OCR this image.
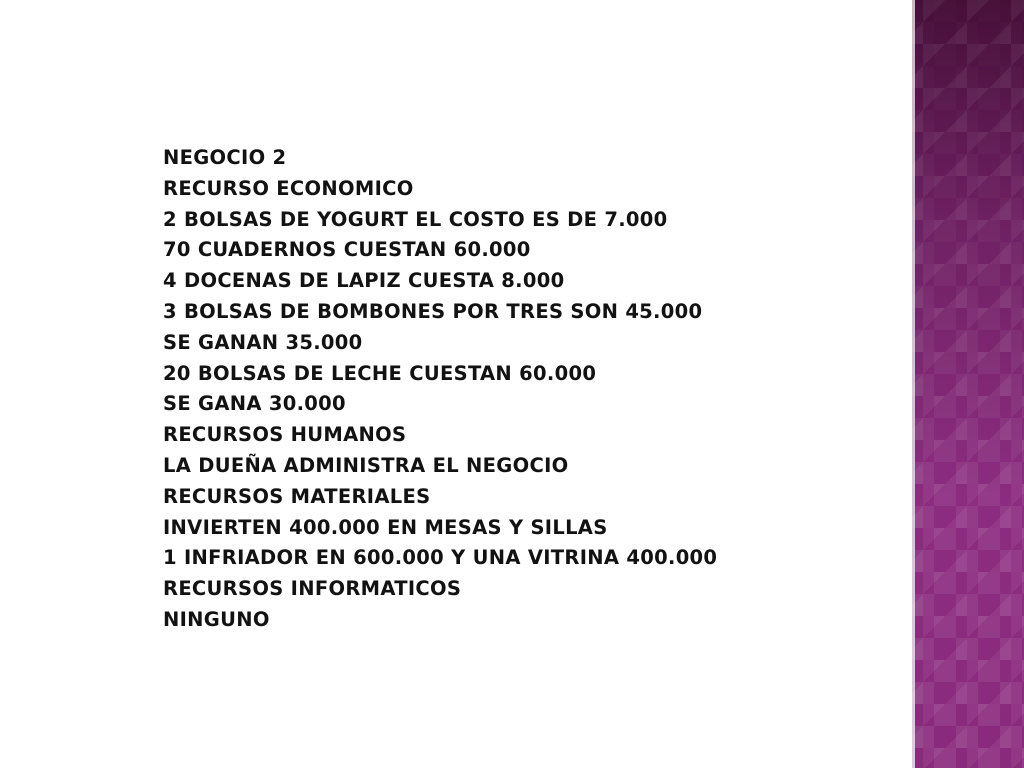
NEGOCIO 2

RECURSO ECONOMICO

2 BOLSAS DE YOGURT EL COSTO ES DE 7.000

70 CUADERNOS CUESTAN 60.000

4 DOCENAS DE LAPIZ CUESTA 8.000

3 BOLSAS DE BOMBONES POR TRES SON 45.000

SE GANAN 35.000

20 BOLSAS DE LECHE CUESTAN 60.000

SE GANA 30.000

RECURSOS HUMANOS

LA DUEÑA ADMINISTRA EL NEGOCIO

RECURSOS MATERIALES

INVIERTEN 400.000 EN MESAS Y SILLAS

1 INFRIADOR EN 600.000 Y UNA VITRINA 400.000

RECURSOS INFORMATICOS

NINGUNO
